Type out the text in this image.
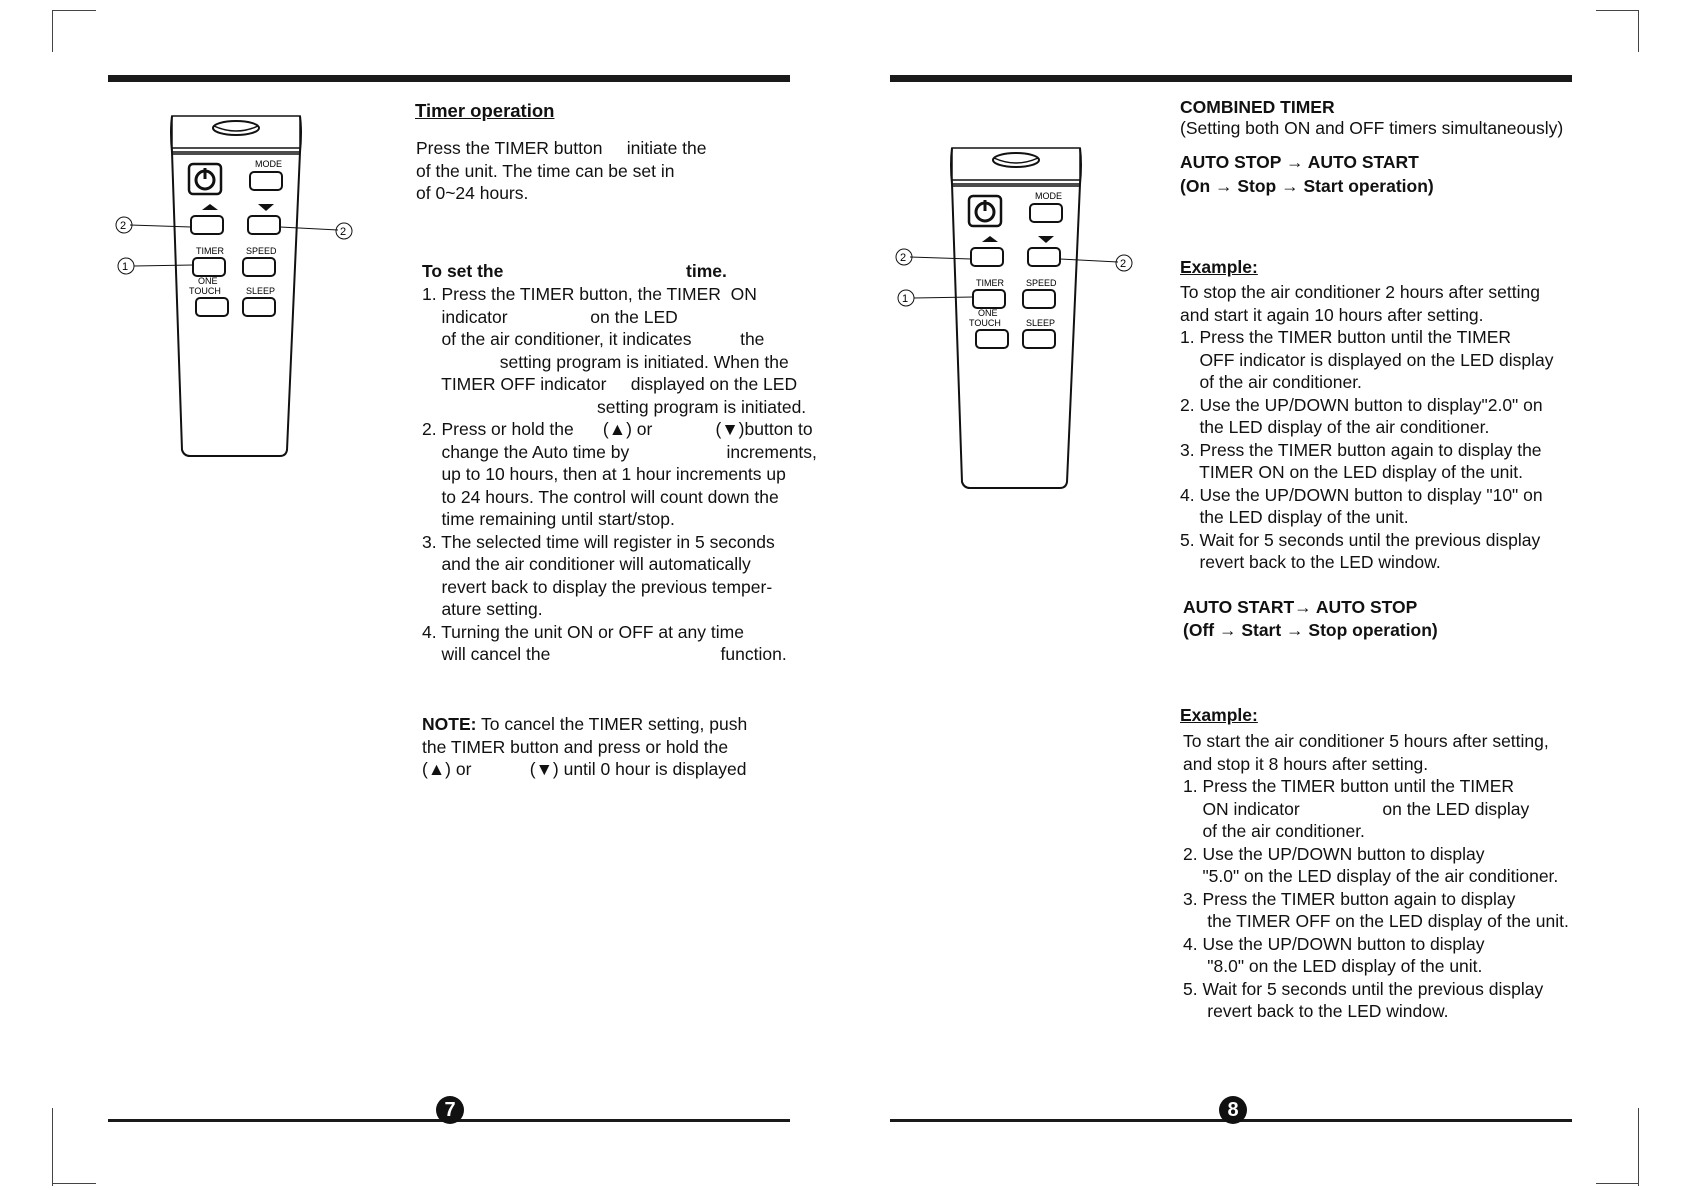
MODE
TIMER SPEED
ONE
TOUCH	SLEEP
2	2
1
MODE
TIMER SPEED
ONE
TOUCH	SLEEP
2	2
1
Timer operation
Press the TIMER button     initiate the
of the unit. The time can be set in
of 0~24 hours.
To set the	time.
1. Press the TIMER button, the TIMER  ON
indicator                 on the LED
of the air conditioner, it indicates          the
setting program is initiated. When the
TIMER OFF indicator     displayed on the LED
setting program is initiated.
2. Press or hold the      (▲) or             (▼)button to
change the Auto time by                    increments,
up to 10 hours, then at 1 hour increments up
to 24 hours. The control will count down the
time remaining until start/stop.
3. The selected time will register in 5 seconds
and the air conditioner will automatically
revert back to display the previous temper-
ature setting.
4. Turning the unit ON or OFF at any time
will cancel the                                   function.
NOTE: To cancel the TIMER setting, push
the TIMER button and press or hold the
(▲) or            (▼) until 0 hour is displayed
7
COMBINED TIMER
(Setting both ON and OFF timers simultaneously)
AUTO STOP → AUTO START
(On → Stop → Start operation)
Example:
To stop the air conditioner 2 hours after setting
and start it again 10 hours after setting.
1. Press the TIMER button until the TIMER
OFF indicator is displayed on the LED display
of the air conditioner.
2. Use the UP/DOWN button to display"2.0" on
the LED display of the air conditioner.
3. Press the TIMER button again to display the
TIMER ON on the LED display of the unit.
4. Use the UP/DOWN button to display "10" on
the LED display of the unit.
5. Wait for 5 seconds until the previous display
revert back to the LED window.
AUTO START→ AUTO STOP
(Off → Start → Stop operation)
Example:
To start the air conditioner 5 hours after setting,
and stop it 8 hours after setting.
1. Press the TIMER button until the TIMER
ON indicator                 on the LED display
of the air conditioner.
2. Use the UP/DOWN button to display
"5.0" on the LED display of the air conditioner.
3. Press the TIMER button again to display
the TIMER OFF on the LED display of the unit.
4. Use the UP/DOWN button to display
"8.0" on the LED display of the unit.
5. Wait for 5 seconds until the previous display
revert back to the LED window.
8
